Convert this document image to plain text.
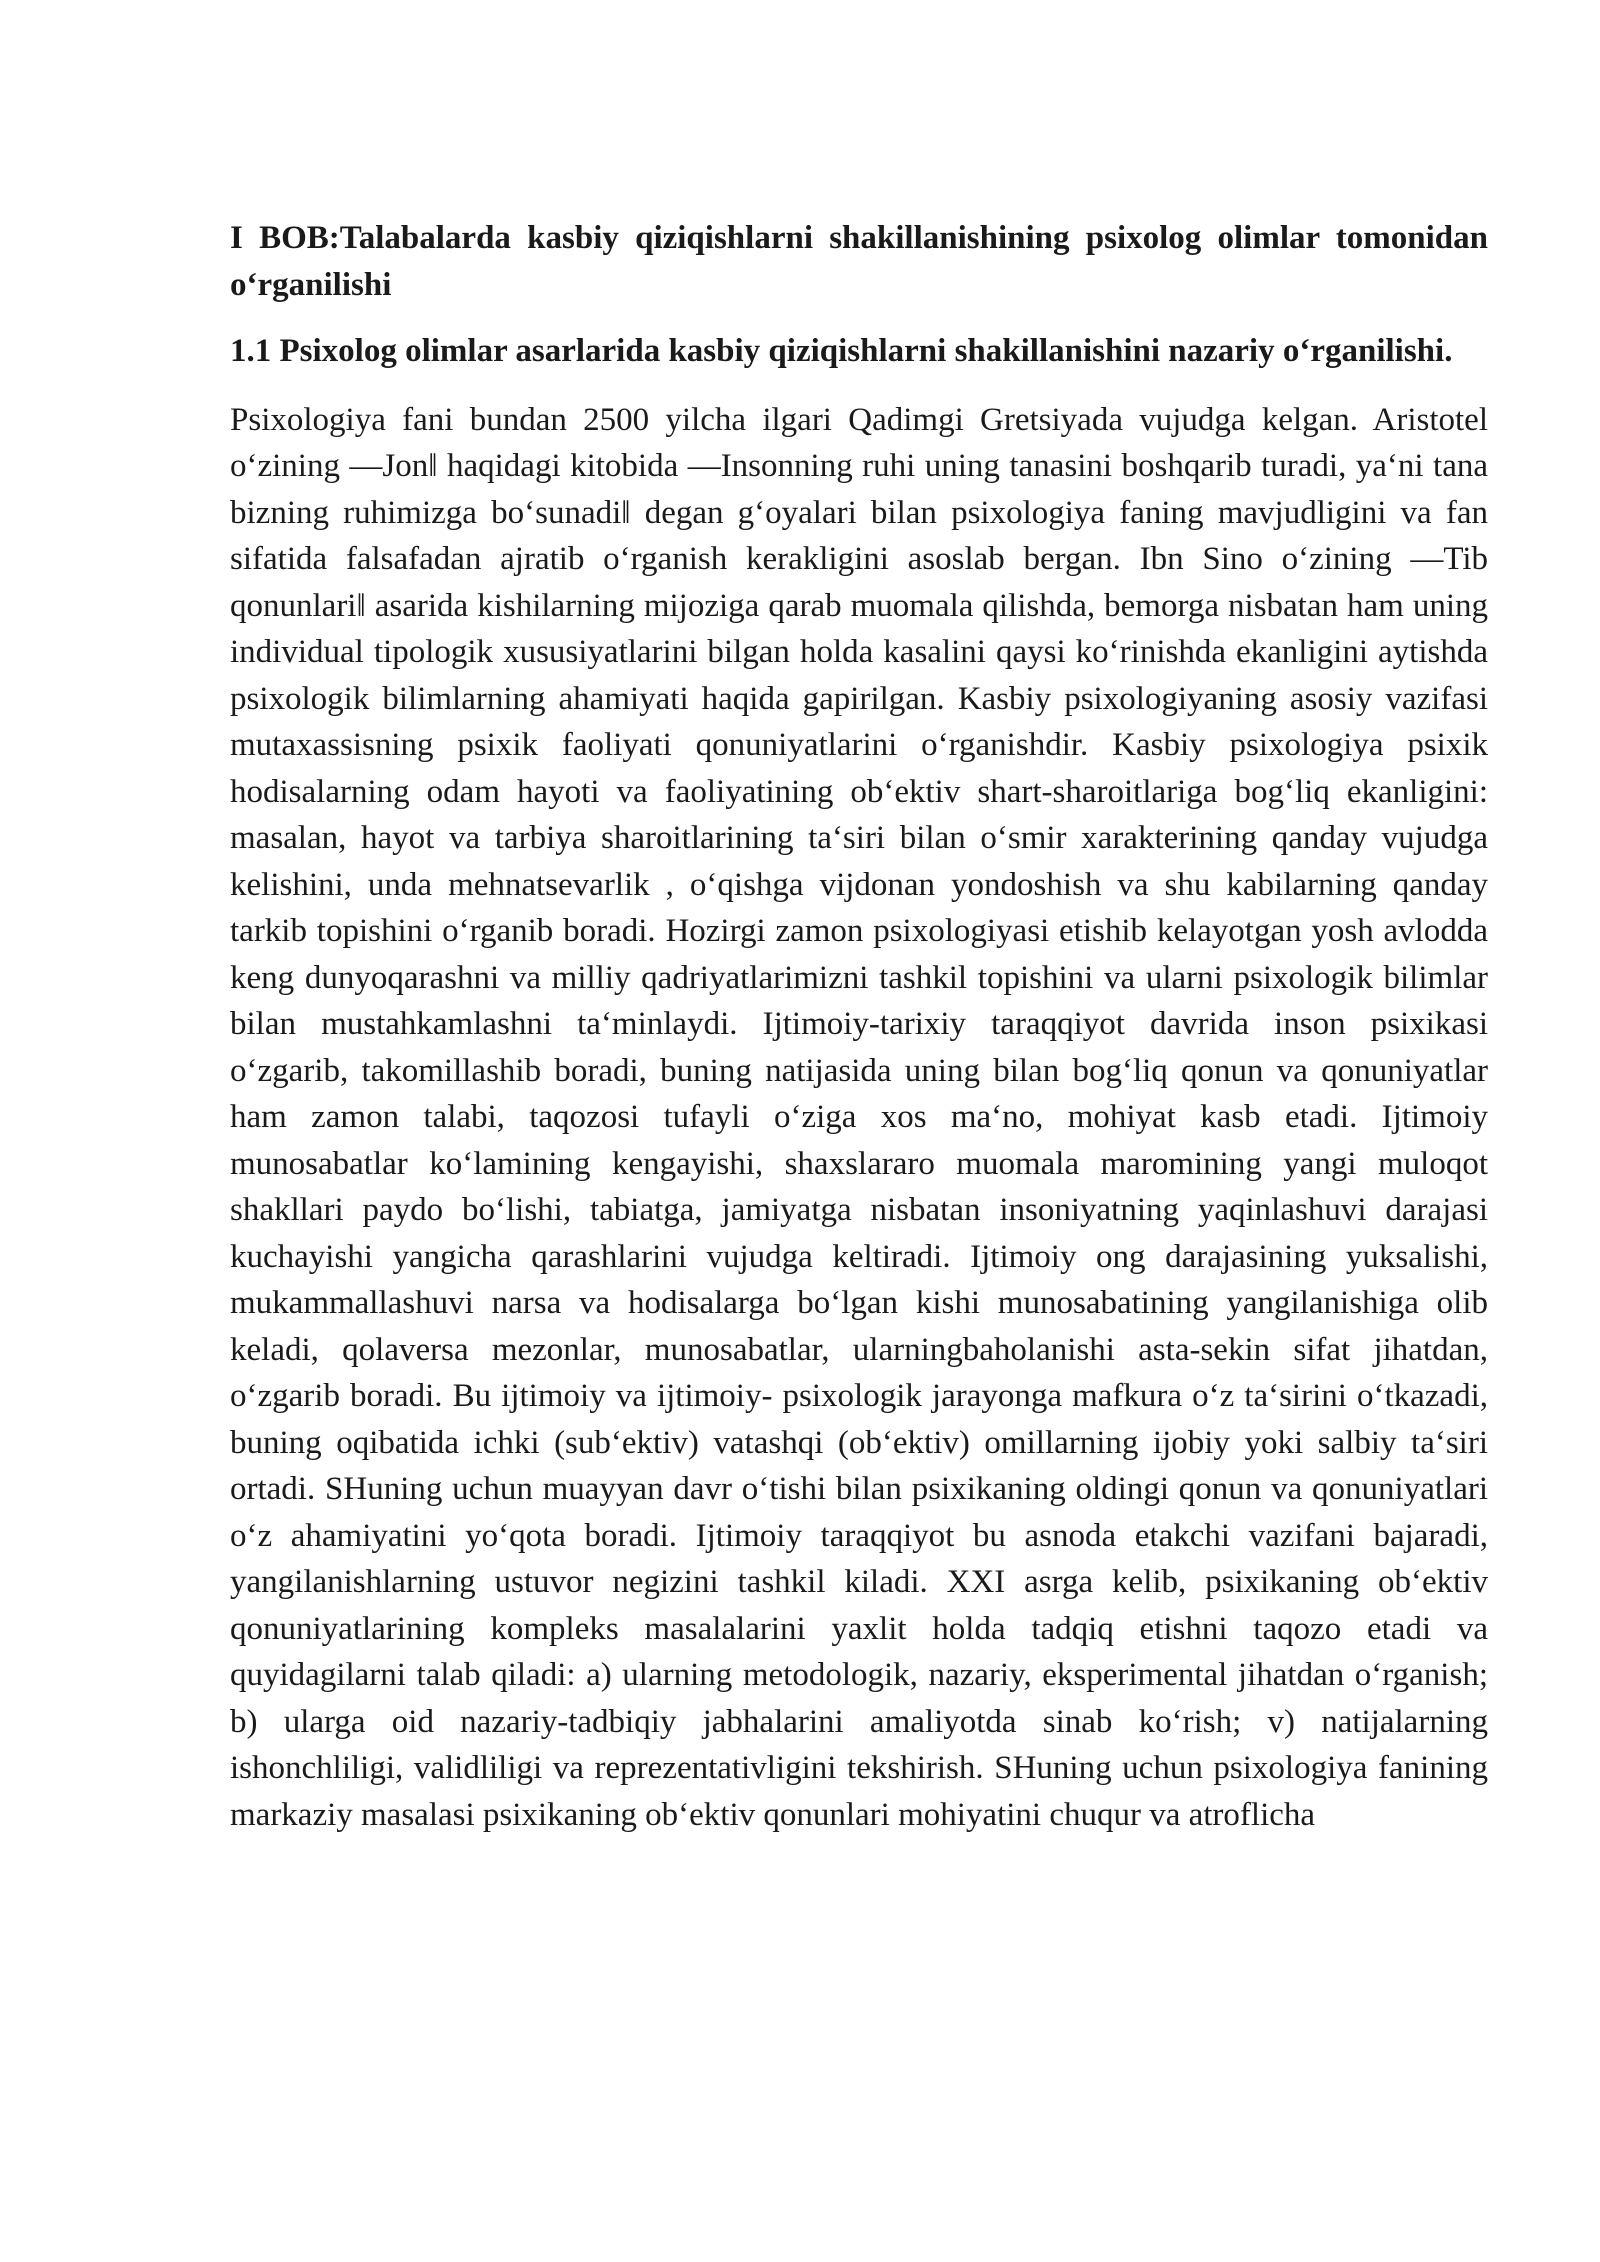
I BOB:Talabalarda kasbiy qiziqishlarni shakillanishining psixolog olimlar tomonidan oʻrganilishi

1.1 Psixolog olimlar asarlarida kasbiy qiziqishlarni shakillanishini nazariy oʻrganilishi.

Psixologiya fani bundan 2500 yilcha ilgari Qadimgi Gretsiyada vujudga kelgan. Aristotel oʻzining ―Jon‖ haqidagi kitobida ―Insonning ruhi uning tanasini boshqarib turadi, yaʻni tana bizning ruhimizga boʻsunadi‖ degan gʻoyalari bilan psixologiya faning mavjudligini va fan sifatida falsafadan ajratib oʻrganish kerakligini asoslab bergan. Ibn Sino oʻzining ―Tib qonunlari‖ asarida kishilarning mijoziga qarab muomala qilishda, bemorga nisbatan ham uning individual tipologik xususiyatlarini bilgan holda kasalini qaysi koʻrinishda ekanligini aytishda psixologik bilimlarning ahamiyati haqida gapirilgan. Kasbiy psixologiyaning asosiy vazifasi mutaxassisning psixik faoliyati qonuniyatlarini oʻrganishdir. Kasbiy psixologiya psixik hodisalarning odam hayoti va faoliyatining obʻektiv shart-sharoitlariga bogʻliq ekanligini: masalan, hayot va tarbiya sharoitlarining taʻsiri bilan oʻsmir xarakterining qanday vujudga kelishini, unda mehnatsevarlik , oʻqishga vijdonan yondoshish va shu kabilarning qanday tarkib topishini oʻrganib boradi. Hozirgi zamon psixologiyasi etishib kelayotgan yosh avlodda keng dunyoqarashni va milliy qadriyatlarimizni tashkil topishini va ularni psixologik bilimlar bilan mustahkamlashni taʻminlaydi. Ijtimoiy-tarixiy taraqqiyot davrida inson psixikasi oʻzgarib, takomillashib boradi, buning natijasida uning bilan bogʻliq qonun va qonuniyatlar ham zamon talabi, taqozosi tufayli oʻziga xos maʻno, mohiyat kasb etadi. Ijtimoiy munosabatlar koʻlamining kengayishi, shaxslararo muomala maromining yangi muloqot shakllari paydo boʻlishi, tabiatga, jamiyatga nisbatan insoniyatning yaqinlashuvi darajasi kuchayishi yangicha qarashlarini vujudga keltiradi. Ijtimoiy ong darajasining yuksalishi, mukammallashuvi narsa va hodisalarga boʻlgan kishi munosabatining yangilanishiga olib keladi, qolaversa mezonlar, munosabatlar, ularningbaholanishi asta-sekin sifat jihatdan, oʻzgarib boradi. Bu ijtimoiy va ijtimoiy- psixologik jarayonga mafkura oʻz taʻsirini oʻtkazadi, buning oqibatida ichki (subʻektiv) vatashqi (obʻektiv) omillarning ijobiy yoki salbiy taʻsiri ortadi. SHuning uchun muayyan davr oʻtishi bilan psixikaning oldingi qonun va qonuniyatlari oʻz ahamiyatini yoʻqota boradi. Ijtimoiy taraqqiyot bu asnoda etakchi vazifani bajaradi, yangilanishlarning ustuvor negizini tashkil kiladi. XXI asrga kelib, psixikaning obʻektiv qonuniyatlarining kompleks masalalarini yaxlit holda tadqiq etishni taqozo etadi va quyidagilarni talab qiladi: a) ularning metodologik, nazariy, eksperimental jihatdan oʻrganish; b) ularga oid nazariy-tadbiqiy jabhalarini amaliyotda sinab koʻrish; v) natijalarning ishonchliligi, validliligi va reprezentativligini tekshirish. SHuning uchun psixologiya fanining markaziy masalasi psixikaning obʻektiv qonunlari mohiyatini chuqur va atroflicha
